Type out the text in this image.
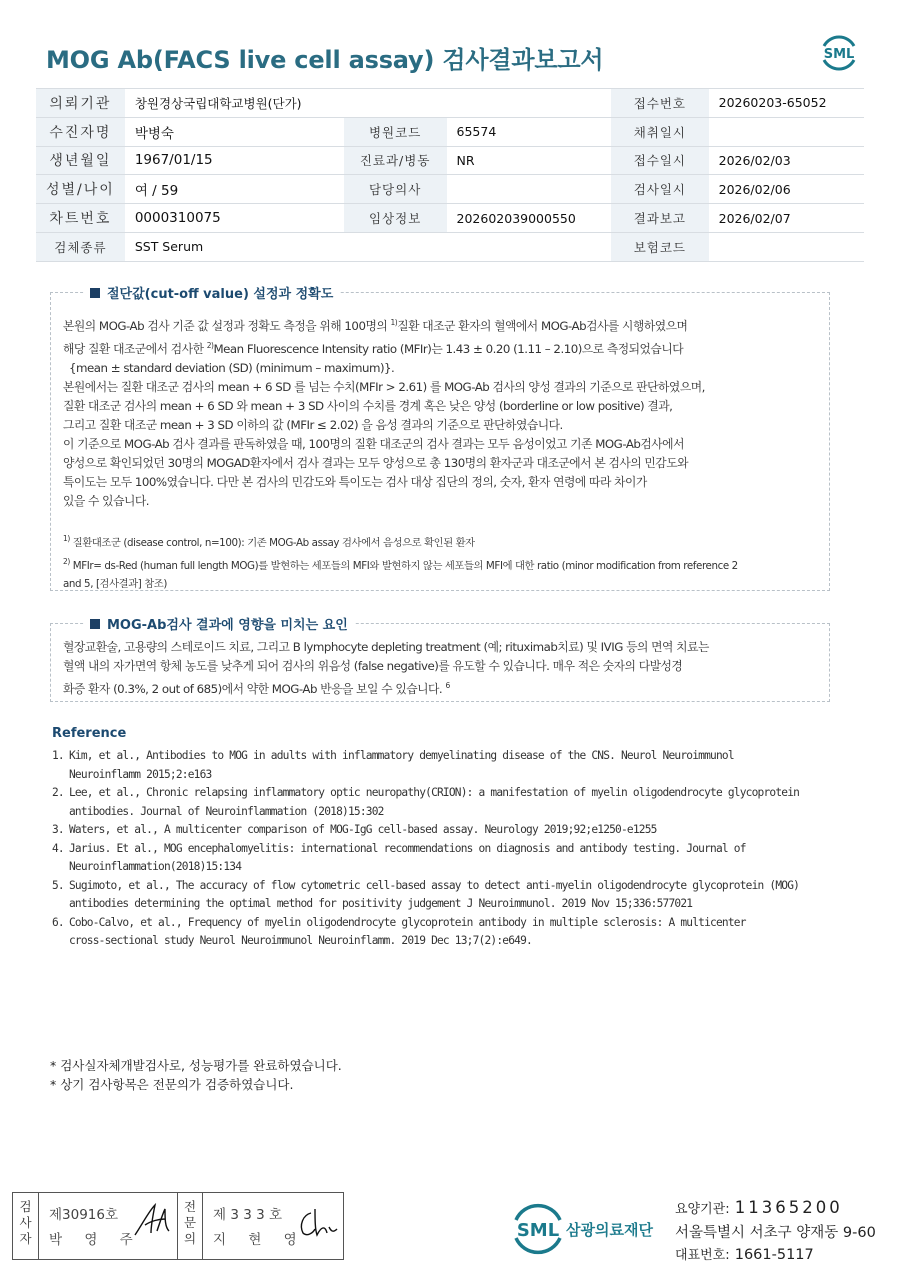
MOG Ab(FACS live cell assay) 검사결과보고서	SML
의뢰기관	창원경상국립대학교병원(단가)			접수번호	20260203-65052
수진자명	박병숙	병원코드	65574	채취일시	
생년월일	1967/01/15	진료과/병동	NR	접수일시	2026/02/03
성별/나이	여 / 59	담당의사		검사일시	2026/02/06
차트번호	0000310075	임상정보	202602039000550	결과보고	2026/02/07
검체종류	SST Serum			보험코드	
절단값(cut-off value) 설정과 정확도

본원의 MOG-Ab 검사 기준 값 설정과 정확도 측정을 위해 100명의 $^{1)}$질환 대조군 환자의 혈액에서 MOG-Ab검사를 시행하였으며

해당 질환 대조군에서 검사한 $^{2)}$Mean Fluorescence Intensity ratio (MFIr)는 1.43 ± 0.20 (1.11 – 2.10)으로 측정되었습니다

{mean ± standard deviation (SD) (minimum – maximum)}.

본원에서는 질환 대조군 검사의 mean + 6 SD 를 넘는 수치(MFIr > 2.61) 를 MOG-Ab 검사의 양성 결과의 기준으로 판단하였으며,

질환 대조군 검사의 mean + 6 SD 와 mean + 3 SD 사이의 수치를 경계 혹은 낮은 양성 (borderline or low positive) 결과,

그리고 질환 대조군 mean + 3 SD 이하의 값 (MFIr ≤ 2.02) 을 음성 결과의 기준으로 판단하였습니다.

이 기준으로 MOG-Ab 검사 결과를 판독하였을 때, 100명의 질환 대조군의 검사 결과는 모두 음성이었고 기존 MOG-Ab검사에서

양성으로 확인되었던 30명의 MOGAD환자에서 검사 결과는 모두 양성으로 총 130명의 환자군과 대조군에서 본 검사의 민감도와

특이도는 모두 100%였습니다. 다만 본 검사의 민감도와 특이도는 검사 대상 집단의 정의, 숫자, 환자 연령에 따라 차이가

있을 수 있습니다.

$^{1)}$ 질환대조군 (disease control, n=100): 기존 MOG-Ab assay 검사에서 음성으로 확인된 환자

$^{2)}$ MFIr= ds-Red (human full length MOG)를 발현하는 세포들의 MFI와 발현하지 않는 세포들의 MFI에 대한 ratio (minor modification from reference 2

and 5, [검사결과] 참조)

MOG-Ab검사 결과에 영향을 미치는 요인

혈장교환술, 고용량의 스테로이드 치료, 그리고 B lymphocyte depleting treatment (예; rituximab치료) 및 IVIG 등의 면역 치료는

혈액 내의 자가면역 항체 농도를 낮추게 되어 검사의 위음성 (false negative)를 유도할 수 있습니다. 매우 적은 숫자의 다발성경

화증 환자 (0.3%, 2 out of 685)에서 약한 MOG-Ab 반응을 보일 수 있습니다. $^6$

Reference
1. Kim, et al., Antibodies to MOG in adults with inflammatory demyelinating disease of the CNS. Neurol Neuroimmunol

Neuroinflamm 2015;2:e163

2. Lee, et al., Chronic relapsing inflammatory optic neuropathy(CRION): a manifestation of myelin oligodendrocyte glycoprotein

antibodies. Journal of Neuroinflammation (2018)15:302

3. Waters, et al., A multicenter comparison of MOG-IgG cell-based assay. Neurology 2019;92;e1250-e1255

4. Jarius. Et al., MOG encephalomyelitis: international recommendations on diagnosis and antibody testing. Journal of

Neuroinflammation(2018)15:134

5. Sugimoto, et al., The accuracy of flow cytometric cell-based assay to detect anti-myelin oligodendrocyte glycoprotein (MOG)

antibodies determining the optimal method for positivity judgement J Neuroimmunol. 2019 Nov 15;336:577021

6. Cobo-Calvo, et al., Frequency of myelin oligodendrocyte glycoprotein antibody in multiple sclerosis: A multicenter

cross-sectional study Neurol Neuroimmunol Neuroinflamm. 2019 Dec 13;7(2):e649.

* 검사실자체개발검사로, 성능평가를 완료하였습니다.

* 상기 검사항목은 전문의가 검증하였습니다.

검
사
자
제30916호
박 영 주
전
문
의
제 3 3 3 호
지 현 영	SML 삼광의료재단

요양기관: 11365200

서울특별시 서초구 양재동 9-60

대표번호: 1661-5117
